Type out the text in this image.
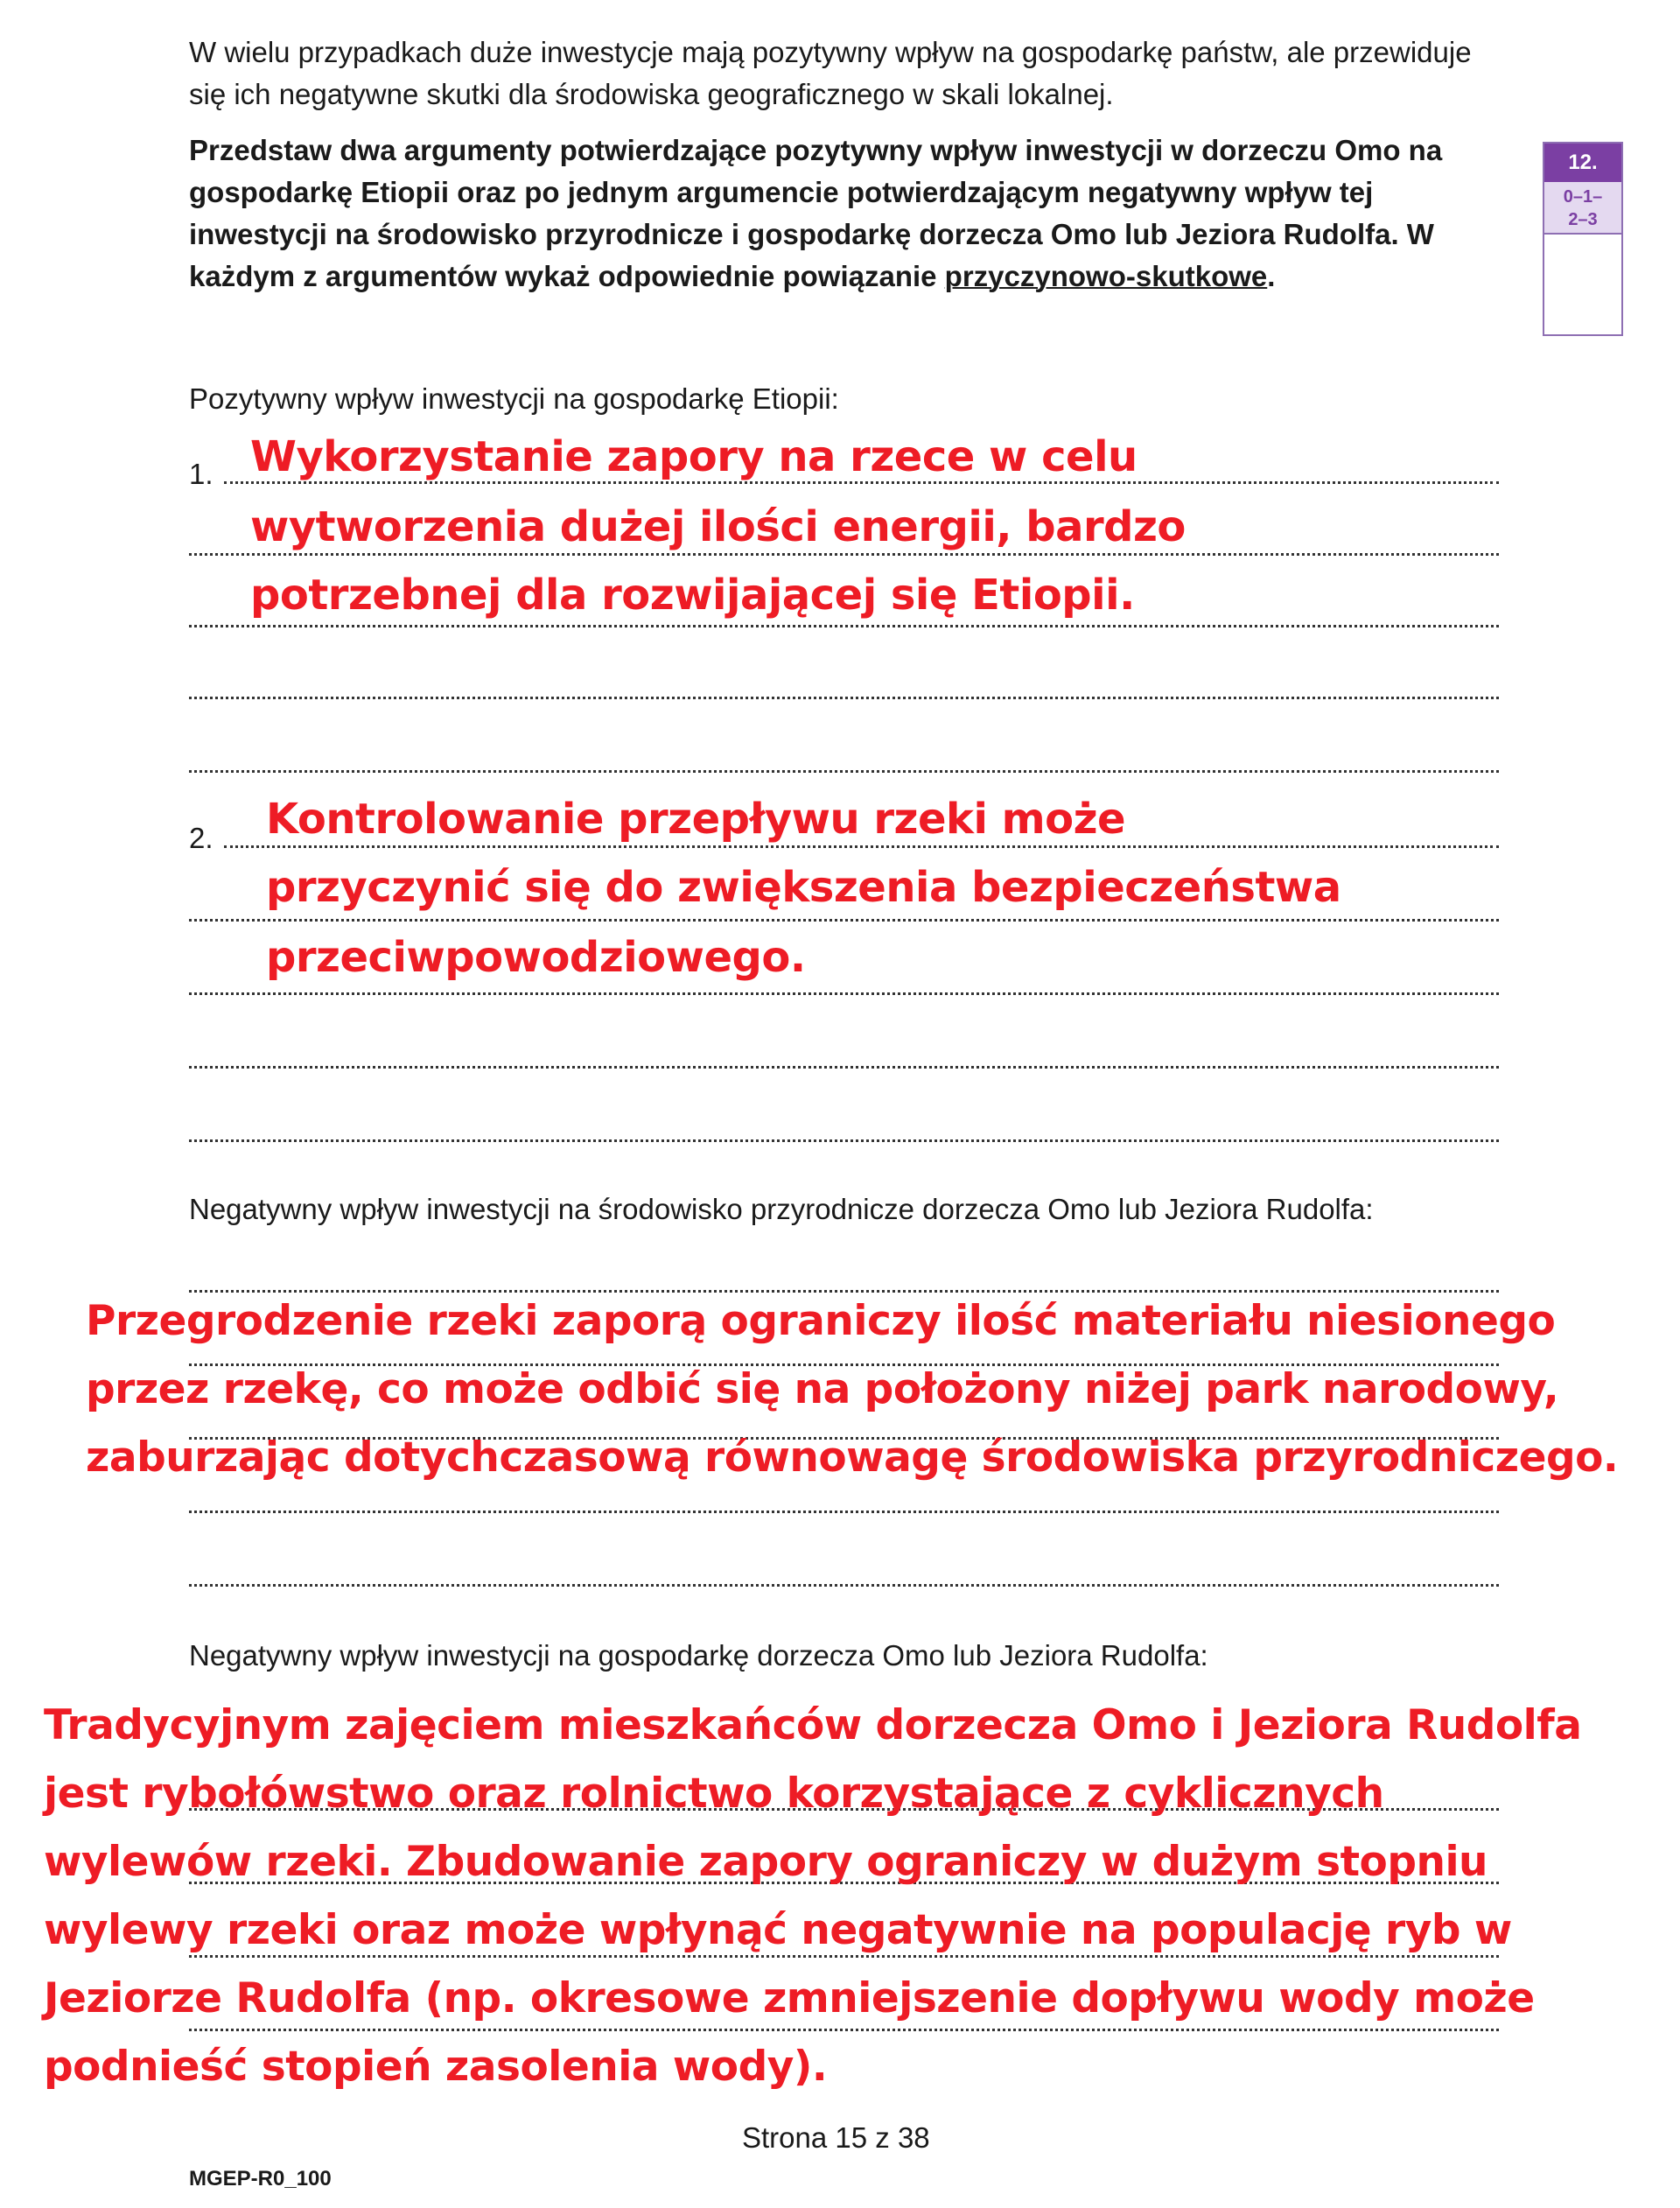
W wielu przypadkach duże inwestycje mają pozytywny wpływ na gospodarkę państw, ale przewiduje się ich negatywne skutki dla środowiska geograficznego w skali lokalnej.
Przedstaw dwa argumenty potwierdzające pozytywny wpływ inwestycji w dorzeczu Omo na gospodarkę Etiopii oraz po jednym argumencie potwierdzającym negatywny wpływ tej inwestycji na środowisko przyrodnicze i gospodarkę dorzecza Omo lub Jeziora Rudolfa. W każdym z argumentów wykaż odpowiednie powiązanie przyczynowo-skutkowe.
12.
0–1–
2–3
Pozytywny wpływ inwestycji na gospodarkę Etiopii:
1. Wykorzystanie zapory na rzece w celu
wytworzenia dużej ilości energii, bardzo
potrzebnej dla rozwijającej się Etiopii.
2. Kontrolowanie przepływu rzeki może
przyczynić się do zwiększenia bezpieczeństwa
przeciwpowodziowego.
Negatywny wpływ inwestycji na środowisko przyrodnicze dorzecza Omo lub Jeziora Rudolfa:
Przegrodzenie rzeki zaporą ograniczy ilość materiału niesionego
przez rzekę, co może odbić się na położony niżej park narodowy,
zaburzając dotychczasową równowagę środowiska przyrodniczego.
Negatywny wpływ inwestycji na gospodarkę dorzecza Omo lub Jeziora Rudolfa:
Tradycyjnym zajęciem mieszkańców dorzecza Omo i Jeziora Rudolfa
jest rybołówstwo oraz rolnictwo korzystające z cyklicznych
wylewów rzeki. Zbudowanie zapory ograniczy w dużym stopniu
wylewy rzeki oraz może wpłynąć negatywnie na populację ryb w
Jeziorze Rudolfa (np. okresowe zmniejszenie dopływu wody może
podnieść stopień zasolenia wody).
Strona 15 z 38
MGEP-R0_100
